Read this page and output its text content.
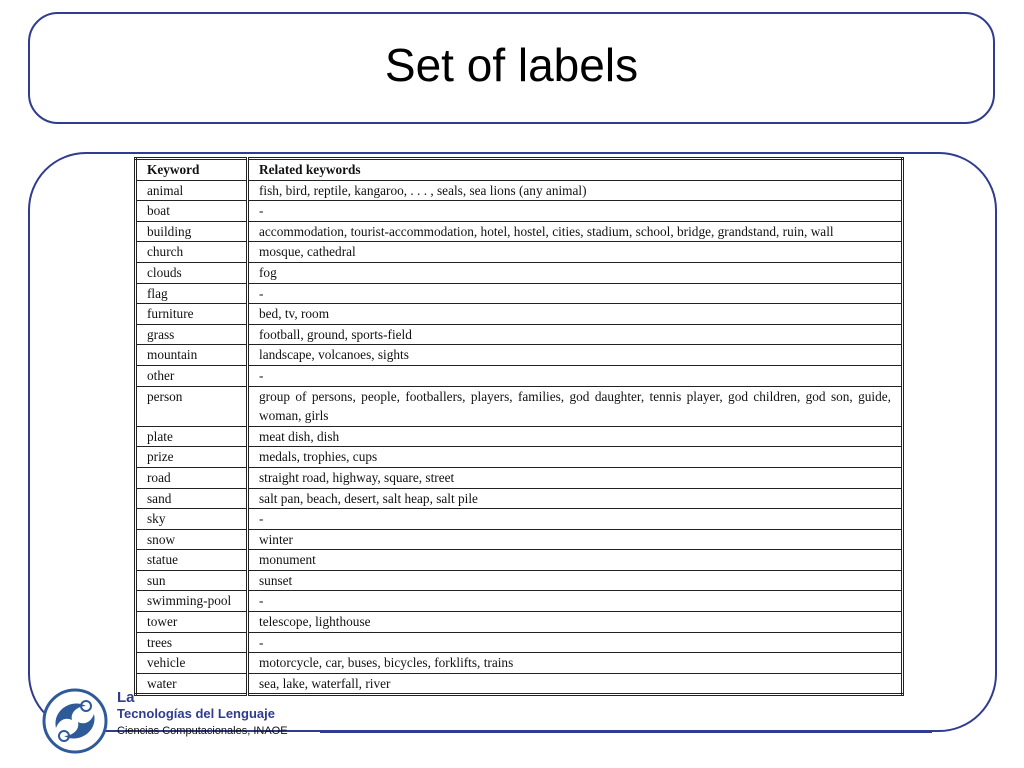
Set of labels
Keyword	Related keywords
animal	fish, bird, reptile, kangaroo, . . . , seals, sea lions (any animal)
boat	-
building	accommodation, tourist-accommodation, hotel, hostel, cities, stadium, school, bridge, grandstand, ruin, wall
church	mosque, cathedral
clouds	fog
flag	-
furniture	bed, tv, room
grass	football, ground, sports-field
mountain	landscape, volcanoes, sights
other	-
person	group of persons, people, footballers, players, families, god daughter, tennis player, god children, god son, guide, woman, girls
plate	meat dish, dish
prize	medals, trophies, cups
road	straight road, highway, square, street
sand	salt pan, beach, desert, salt heap, salt pile
sky	-
snow	winter
statue	monument
sun	sunset
swimming-pool	-
tower	telescope, lighthouse
trees	-
vehicle	motorcycle, car, buses, bicycles, forklifts, trains
water	sea, lake, waterfall, river
La
Tecnologías del Lenguaje
Ciencias Computacionales, INAOE
